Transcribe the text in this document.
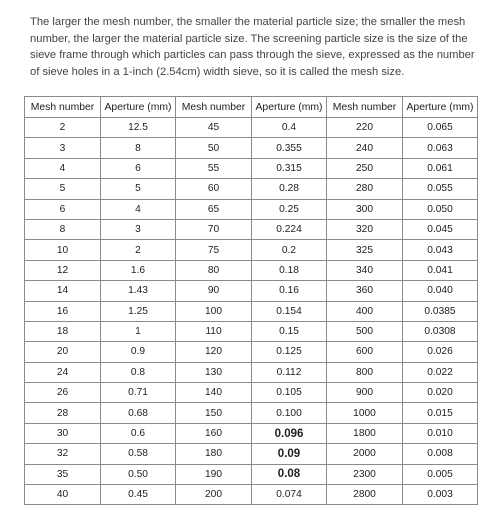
The larger the mesh number, the smaller the material particle size; the smaller the mesh number, the larger the material particle size. The screening particle size is the size of the sieve frame through which particles can pass through the sieve, expressed as the number of sieve holes in a 1-inch (2.54cm) width sieve, so it is called the mesh size.

Mesh number	Aperture (mm)	Mesh number	Aperture (mm)	Mesh number	Aperture (mm)
2	12.5	45	0.4	220	0.065
3	8	50	0.355	240	0.063
4	6	55	0.315	250	0.061
5	5	60	0.28	280	0.055
6	4	65	0.25	300	0.050
8	3	70	0.224	320	0.045
10	2	75	0.2	325	0.043
12	1.6	80	0.18	340	0.041
14	1.43	90	0.16	360	0.040
16	1.25	100	0.154	400	0.0385
18	1	110	0.15	500	0.0308
20	0.9	120	0.125	600	0.026
24	0.8	130	0.112	800	0.022
26	0.71	140	0.105	900	0.020
28	0.68	150	0.100	1000	0.015
30	0.6	160	0.096	1800	0.010
32	0.58	180	0.09	2000	0.008
35	0.50	190	0.08	2300	0.005
40	0.45	200	0.074	2800	0.003
